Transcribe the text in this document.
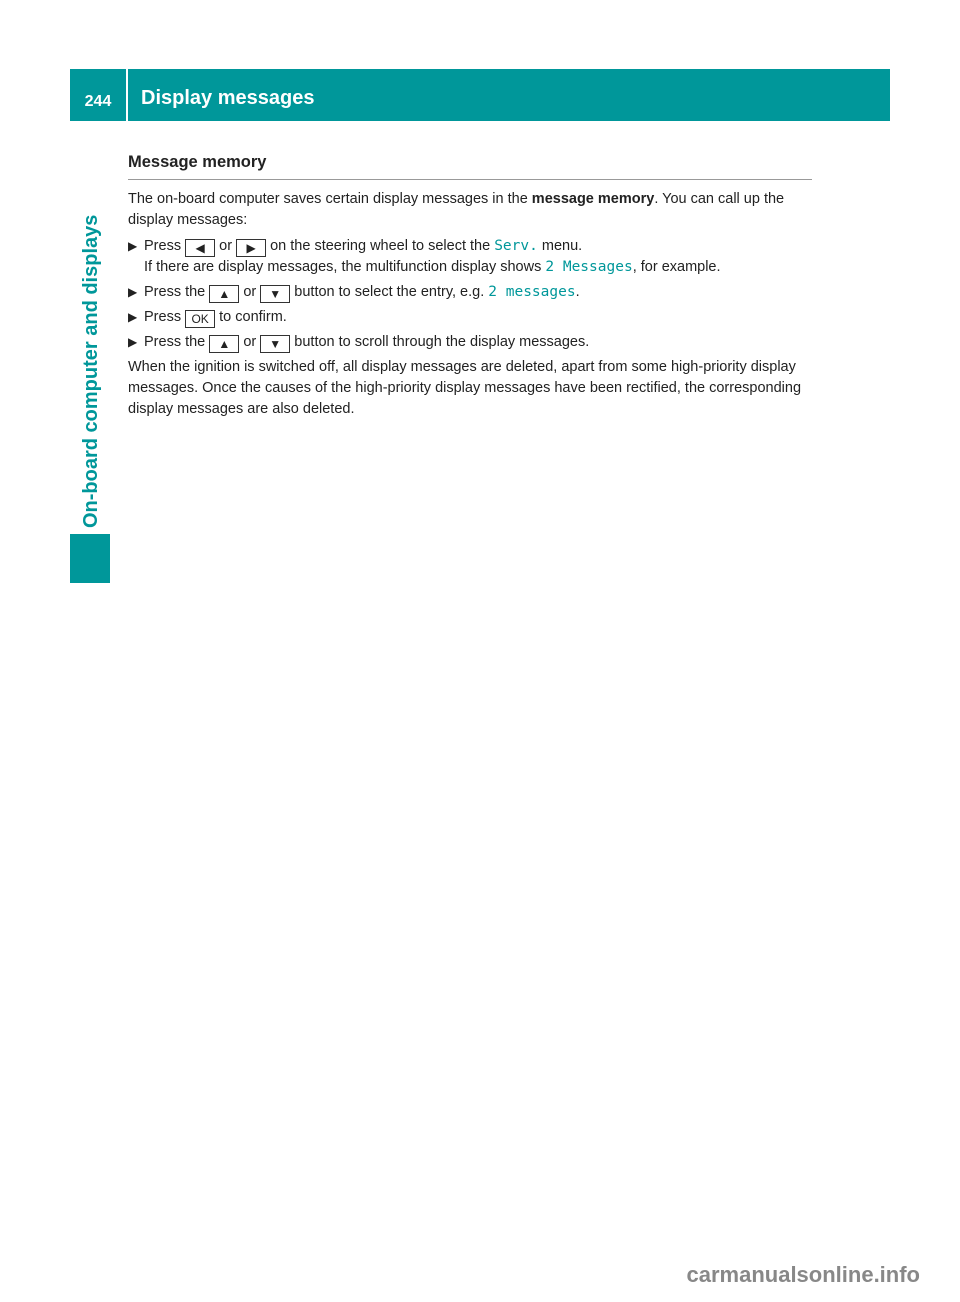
244	Display messages
On-board computer and displays
Message memory

The on-board computer saves certain display messages in the message memory. You can call up the display messages:

▶ Press ◀ or ▶ on the steering wheel to select the Serv. menu.
If there are display messages, the multifunction display shows 2 Messages, for example.
▶ Press the ▲ or ▼ button to select the entry, e.g. 2 messages.
▶ Press OK to confirm.
▶ Press the ▲ or ▼ button to scroll through the display messages.

When the ignition is switched off, all display messages are deleted, apart from some high-priority display messages. Once the causes of the high-priority display messages have been rectified, the corresponding display messages are also deleted.

carmanualsonline.info
